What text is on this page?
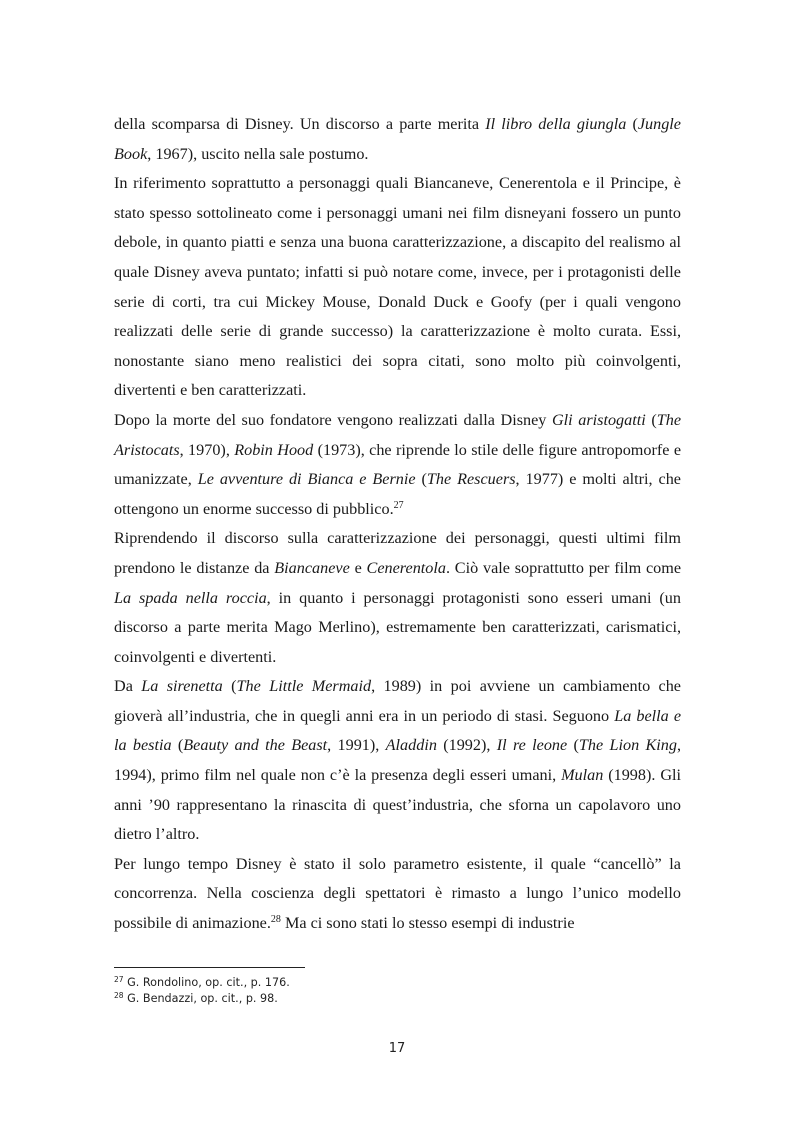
della scomparsa di Disney. Un discorso a parte merita Il libro della giungla (Jungle Book, 1967), uscito nella sale postumo.

In riferimento soprattutto a personaggi quali Biancaneve, Cenerentola e il Principe, è stato spesso sottolineato come i personaggi umani nei film disneyani fossero un punto debole, in quanto piatti e senza una buona caratterizzazione, a discapito del realismo al quale Disney aveva puntato; infatti si può notare come, invece, per i protagonisti delle serie di corti, tra cui Mickey Mouse, Donald Duck e Goofy (per i quali vengono realizzati delle serie di grande successo) la caratterizzazione è molto curata. Essi, nonostante siano meno realistici dei sopra citati, sono molto più coinvolgenti, divertenti e ben caratterizzati.

Dopo la morte del suo fondatore vengono realizzati dalla Disney Gli aristogatti (The Aristocats, 1970), Robin Hood (1973), che riprende lo stile delle figure antropomorfe e umanizzate, Le avventure di Bianca e Bernie (The Rescuers, 1977) e molti altri, che ottengono un enorme successo di pubblico.$^{27}$

Riprendendo il discorso sulla caratterizzazione dei personaggi, questi ultimi film prendono le distanze da Biancaneve e Cenerentola. Ciò vale soprattutto per film come La spada nella roccia, in quanto i personaggi protagonisti sono esseri umani (un discorso a parte merita Mago Merlino), estremamente ben caratterizzati, carismatici, coinvolgenti e divertenti.

Da La sirenetta (The Little Mermaid, 1989) in poi avviene un cambiamento che gioverà all’industria, che in quegli anni era in un periodo di stasi. Seguono La bella e la bestia (Beauty and the Beast, 1991), Aladdin (1992), Il re leone (The Lion King, 1994), primo film nel quale non c’è la presenza degli esseri umani, Mulan (1998). Gli anni ’90 rappresentano la rinascita di quest’industria, che sforna un capolavoro uno dietro l’altro.

Per lungo tempo Disney è stato il solo parametro esistente, il quale “cancellò” la concorrenza. Nella coscienza degli spettatori è rimasto a lungo l’unico modello possibile di animazione.$^{28}$ Ma ci sono stati lo stesso esempi di industrie

$^{27}$ G. Rondolino, op. cit., p. 176.

$^{28}$ G. Bendazzi, op. cit., p. 98.

17
